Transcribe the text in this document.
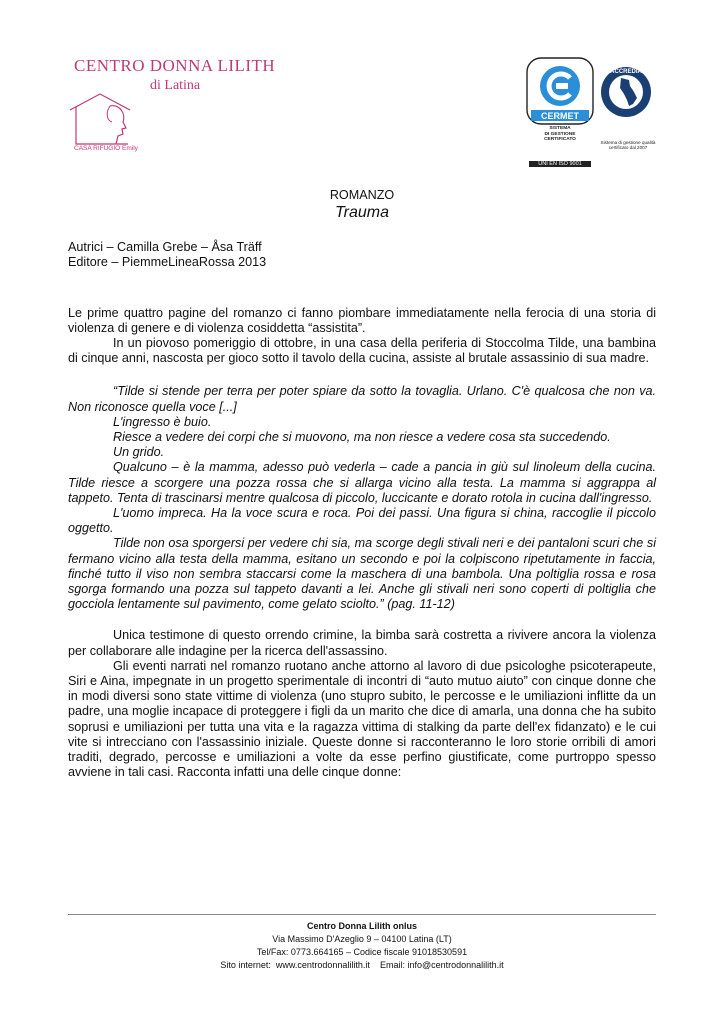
CENTRO DONNA LILITH
di Latina
CASA RIFUGIO Emily
CERMET
SISTEMA
DI GESTIONE
CERTIFICATO
UNI EN ISO 9001
ACCREDIA
Sistema di gestione qualità
certificato dal 2007

ROMANZO

Trauma

Autrici – Camilla Grebe – Åsa Träff

Editore – PiemmeLineaRossa 2013

Le prime quattro pagine del romanzo ci fanno piombare immediatamente nella ferocia di una storia di violenza di genere e di violenza cosiddetta “assistita”.

In un piovoso pomeriggio di ottobre, in una casa della periferia di Stoccolma Tilde, una bambina di cinque anni, nascosta per gioco sotto il tavolo della cucina, assiste al brutale assassinio di sua madre.

“Tilde si stende per terra per poter spiare da sotto la tovaglia. Urlano. C'è qualcosa che non va. Non riconosce quella voce [...]

L'ingresso è buio.

Riesce a vedere dei corpi che si muovono, ma non riesce a vedere cosa sta succedendo.

Un grido.

Qualcuno – è la mamma, adesso può vederla – cade a pancia in giù sul linoleum della cucina. Tilde riesce a scorgere una pozza rossa che si allarga vicino alla testa. La mamma si aggrappa al tappeto. Tenta di trascinarsi mentre qualcosa di piccolo, luccicante e dorato rotola in cucina dall'ingresso.

L'uomo impreca. Ha la voce scura e roca. Poi dei passi. Una figura si china, raccoglie il piccolo oggetto.

Tilde non osa sporgersi per vedere chi sia, ma scorge degli stivali neri e dei pantaloni scuri che si fermano vicino alla testa della mamma, esitano un secondo e poi la colpiscono ripetutamente in faccia, finché tutto il viso non sembra staccarsi come la maschera di una bambola. Una poltiglia rossa e rosa sgorga formando una pozza sul tappeto davanti a lei. Anche gli stivali neri sono coperti di poltiglia che gocciola lentamente sul pavimento, come gelato sciolto.” (pag. 11-12)

Unica testimone di questo orrendo crimine, la bimba sarà costretta a rivivere ancora la violenza per collaborare alle indagine per la ricerca dell'assassino.

Gli eventi narrati nel romanzo ruotano anche attorno al lavoro di due psicologhe psicoterapeute, Siri e Aina, impegnate in un progetto sperimentale di incontri di “auto mutuo aiuto” con cinque donne che in modi diversi sono state vittime di violenza (uno stupro subito, le percosse e le umiliazioni inflitte da un padre, una moglie incapace di proteggere i figli da un marito che dice di amarla, una donna che ha subito soprusi e umiliazioni per tutta una vita e la ragazza vittima di stalking da parte dell'ex fidanzato) e le cui vite si intrecciano con l'assassinio iniziale. Queste donne si racconteranno le loro storie orribili di amori traditi, degrado, percosse e umiliazioni a volte da esse perfino giustificate, come purtroppo spesso avviene in tali casi. Racconta infatti una delle cinque donne:

Centro Donna Lilith onlus
Via Massimo D'Azeglio 9 – 04100 Latina (LT)
Tel/Fax: 0773.664165 – Codice fiscale 91018530591
Sito internet:  www.centrodonnalilith.it    Email: info@centrodonnalilith.it
